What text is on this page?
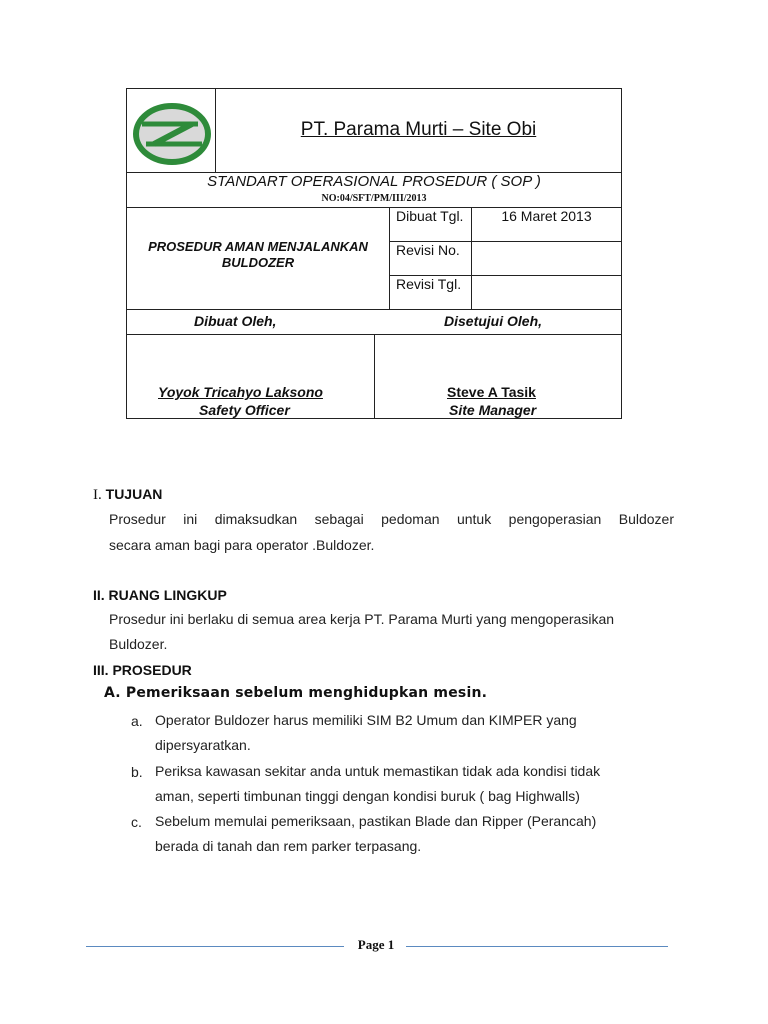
PT. Parama Murti – Site Obi
STANDART OPERASIONAL PROSEDUR ( SOP )
NO:04/SFT/PM/III/2013
PROSEDUR AMAN MENJALANKAN BULDOZER
Dibuat Tgl.	16 Maret 2013
Revisi No.
Revisi Tgl.
Dibuat Oleh,	Disetujui Oleh,
Yoyok Tricahyo Laksono
Safety Officer
Steve A Tasik
Site Manager
I. TUJUAN
Prosedur ini dimaksudkan sebagai pedoman untuk pengoperasian Buldozer
secara aman bagi para operator .Buldozer.
II. RUANG LINGKUP
Prosedur ini berlaku di semua area kerja PT. Parama Murti yang mengoperasikan
Buldozer.
III. PROSEDUR
A. Pemeriksaan sebelum menghidupkan mesin.
a. Operator Buldozer harus memiliki SIM B2 Umum dan KIMPER yang
dipersyaratkan.
b. Periksa kawasan sekitar anda untuk memastikan tidak ada kondisi tidak
aman, seperti timbunan tinggi dengan kondisi buruk ( bag Highwalls)
c. Sebelum memulai pemeriksaan, pastikan Blade dan Ripper (Perancah)
berada di tanah dan rem parker terpasang.
Page 1
